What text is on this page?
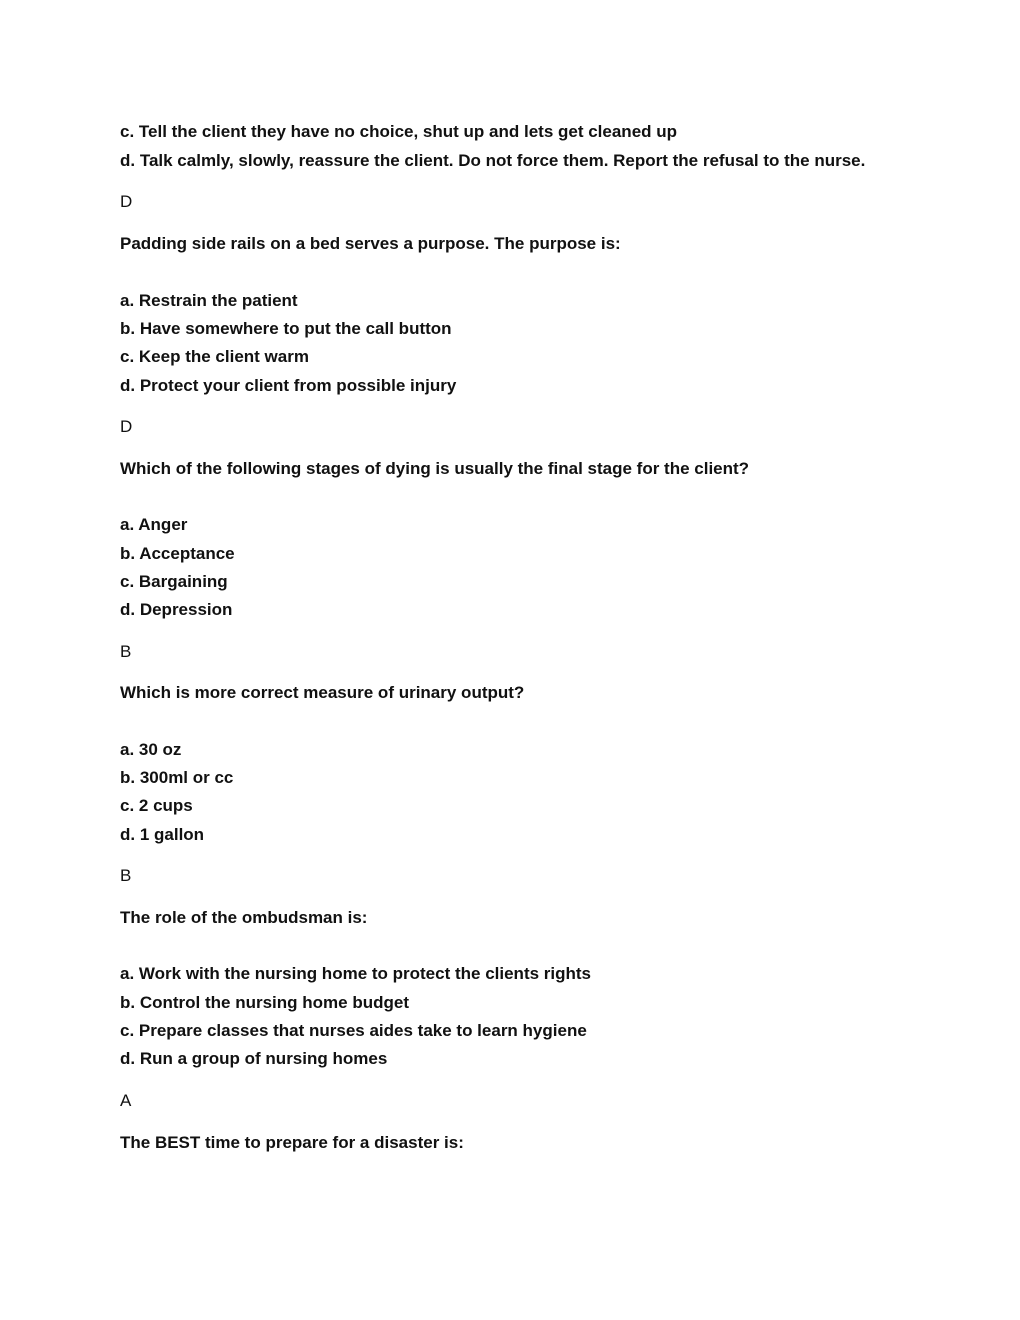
c. Tell the client they have no choice, shut up and lets get cleaned up
d. Talk calmly, slowly, reassure the client. Do not force them. Report the refusal to the nurse.
D
Padding side rails on a bed serves a purpose. The purpose is:
a. Restrain the patient
b. Have somewhere to put the call button
c. Keep the client warm
d. Protect your client from possible injury
D
Which of the following stages of dying is usually the final stage for the client?
a. Anger
b. Acceptance
c. Bargaining
d. Depression
B
Which is more correct measure of urinary output?
a. 30 oz
b. 300ml or cc
c. 2 cups
d. 1 gallon
B
The role of the ombudsman is:
a. Work with the nursing home to protect the clients rights
b. Control the nursing home budget
c. Prepare classes that nurses aides take to learn hygiene
d. Run a group of nursing homes
A
The BEST time to prepare for a disaster is:
